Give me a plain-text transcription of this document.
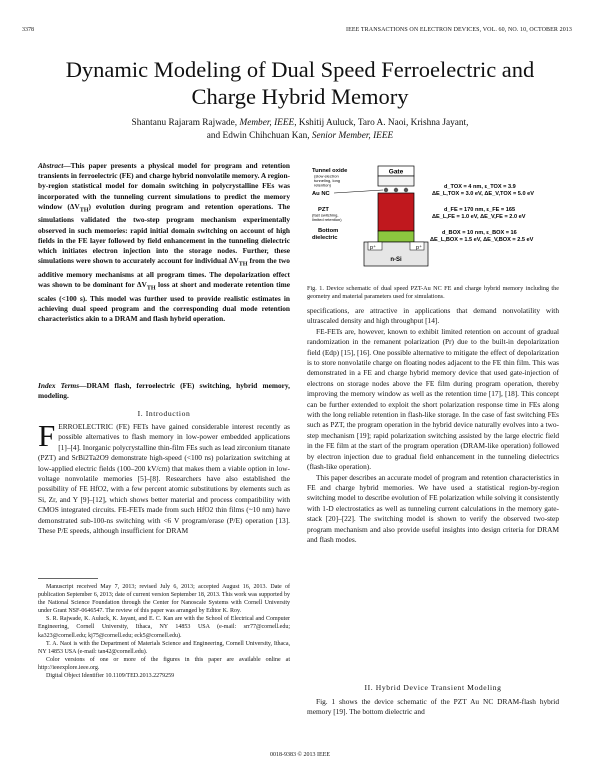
3378	IEEE TRANSACTIONS ON ELECTRON DEVICES, VOL. 60, NO. 10, OCTOBER 2013
Dynamic Modeling of Dual Speed Ferroelectric and
Charge Hybrid Memory
Shantanu Rajaram Rajwade, Member, IEEE, Kshitij Auluck, Taro A. Naoi, Krishna Jayant,
and Edwin Chihchuan Kan, Senior Member, IEEE
Abstract—This paper presents a physical model for program and retention transients in ferroelectric (FE) and charge hybrid nonvolatile memory. A region-by-region statistical model for domain switching in polycrystalline FEs was incorporated with the tunneling current simulations to predict the memory window $(\Delta V_{TH})$ evolution during program and retention operations. The simulations validated the two-step program mechanism experimentally observed in such memories: rapid initial domain switching on account of high fields in the FE layer followed by field enhancement in the tunneling dielectric which initiates electron injection into the storage nodes. Further, these simulations were shown to accurately account for individual $\Delta V_{TH}$ from the two additive memory mechanisms at all program times. The depolarization effect was shown to be dominant for $\Delta V_{TH}$ loss at short and moderate retention time scales (<100 s). This model was further used to provide realistic estimates in achieving dual speed program and the corresponding dual mode retention characteristics akin to a DRAM and flash hybrid operation.
Index Terms—DRAM flash, ferroelectric (FE) switching, hybrid memory, modeling.
I. Introduction
FERROELECTRIC (FE) FETs have gained considerable interest recently as possible alternatives to flash memory in low-power embedded applications [1]–[4]. Inorganic polycrystalline thin-film FEs such as lead zirconium titanate (PZT) and SrBi2Ta2O9 demonstrate high-speed (<100 ns) polarization switching at low-applied electric fields (100–200 kV/cm) that makes them a viable option in low-voltage nonvolatile memories [5]–[8]. Researchers have also established the possibility of FE HfO2, with a few percent atomic substitutions by elements such as Si, Zr, and Y [9]–[12], which shows better material and process compatibility with CMOS integrated circuits. FE-FETs made from such HfO2 thin films (~10 nm) have demonstrated sub-100-ns switching with <6 V program/erase (P/E) operation [13]. These P/E speeds, although insufficient for DRAM

Manuscript received May 7, 2013; revised July 6, 2013; accepted August 16, 2013. Date of publication September 6, 2013; date of current version September 18, 2013. This work was supported by the National Science Foundation through the Center for Nanoscale Systems with Cornell University under Grant NSF-0646547. The review of this paper was arranged by Editor K. Roy.

S. R. Rajwade, K. Auluck, K. Jayant, and E. C. Kan are with the School of Electrical and Computer Engineering, Cornell University, Ithaca, NY 14853 USA (e-mail: srr77@cornell.edu; ka323@cornell.edu; kj75@cornell.edu; eck5@cornell.edu).

T. A. Naoi is with the Department of Materials Science and Engineering, Cornell University, Ithaca, NY 14853 USA (e-mail: tan42@cornell.edu).

Color versions of one or more of the figures in this paper are available online at http://ieeexplore.ieee.org.

Digital Object Identifier 10.1109/TED.2013.2279259

Gate
p⁺	p⁺
n-Si
Tunnel oxide
(slow electron
tunneling, long
retention)
Au NC
PZT
(fast switching,
limited retention)
Bottom
dielectric
d_TOX = 4 nm, ε_TOX = 3.9
ΔE_L,TOX = 3.0 eV, ΔE_V,TOX = 5.0 eV
d_FE = 170 nm, ε_FE = 165
ΔE_L,FE = 1.0 eV, ΔE_V,FE = 2.0 eV
d_BOX = 10 nm, ε_BOX = 16
ΔE_L,BOX = 1.5 eV, ΔE_V,BOX = 2.5 eV
Fig. 1. Device schematic of dual speed PZT-Au NC FE and charge hybrid memory including the geometry and material parameters used for simulations.

specifications, are attractive in applications that demand nonvolatility with ultrascaled density and high throughput [14].

FE-FETs are, however, known to exhibit limited retention on account of gradual randomization in the remanent polarization (Pr) due to the built-in depolarization field (Edp) [15], [16]. One possible alternative to mitigate the effect of depolarization is to store nonvolatile charge on floating nodes adjacent to the FE thin film. This was demonstrated in a FE and charge hybrid memory device that used gate-injection of electrons on storage nodes above the FE film during program operation, thereby improving the memory window as well as the retention time [17], [18]. This concept can be further extended to exploit the short polarization response time in FEs along with the long reliable retention in flash-like storage. In the case of fast switching FEs such as PZT, the program operation in the hybrid device naturally evolves into a two-step mechanism [19]; rapid polarization switching assisted by the large electric field in the FE film at the start of the program operation (DRAM-like operation) followed by electron injection due to gradual field enhancement in the tunneling dielectrics (flash-like operation).

This paper describes an accurate model of program and retention characteristics in FE and charge hybrid memories. We have used a statistical region-by-region switching model to describe evolution of FE polarization while solving it consistently with 1-D electrostatics as well as tunneling current calculations in the memory gate-stack [20]–[22]. The switching model is shown to verify the observed two-step program mechanism and also provide useful insights into design criteria for DRAM and flash modes.

II. Hybrid Device Transient Modeling
Fig. 1 shows the device schematic of the PZT Au NC DRAM-flash hybrid memory [19]. The bottom dielectric and
0018-9383 © 2013 IEEE
